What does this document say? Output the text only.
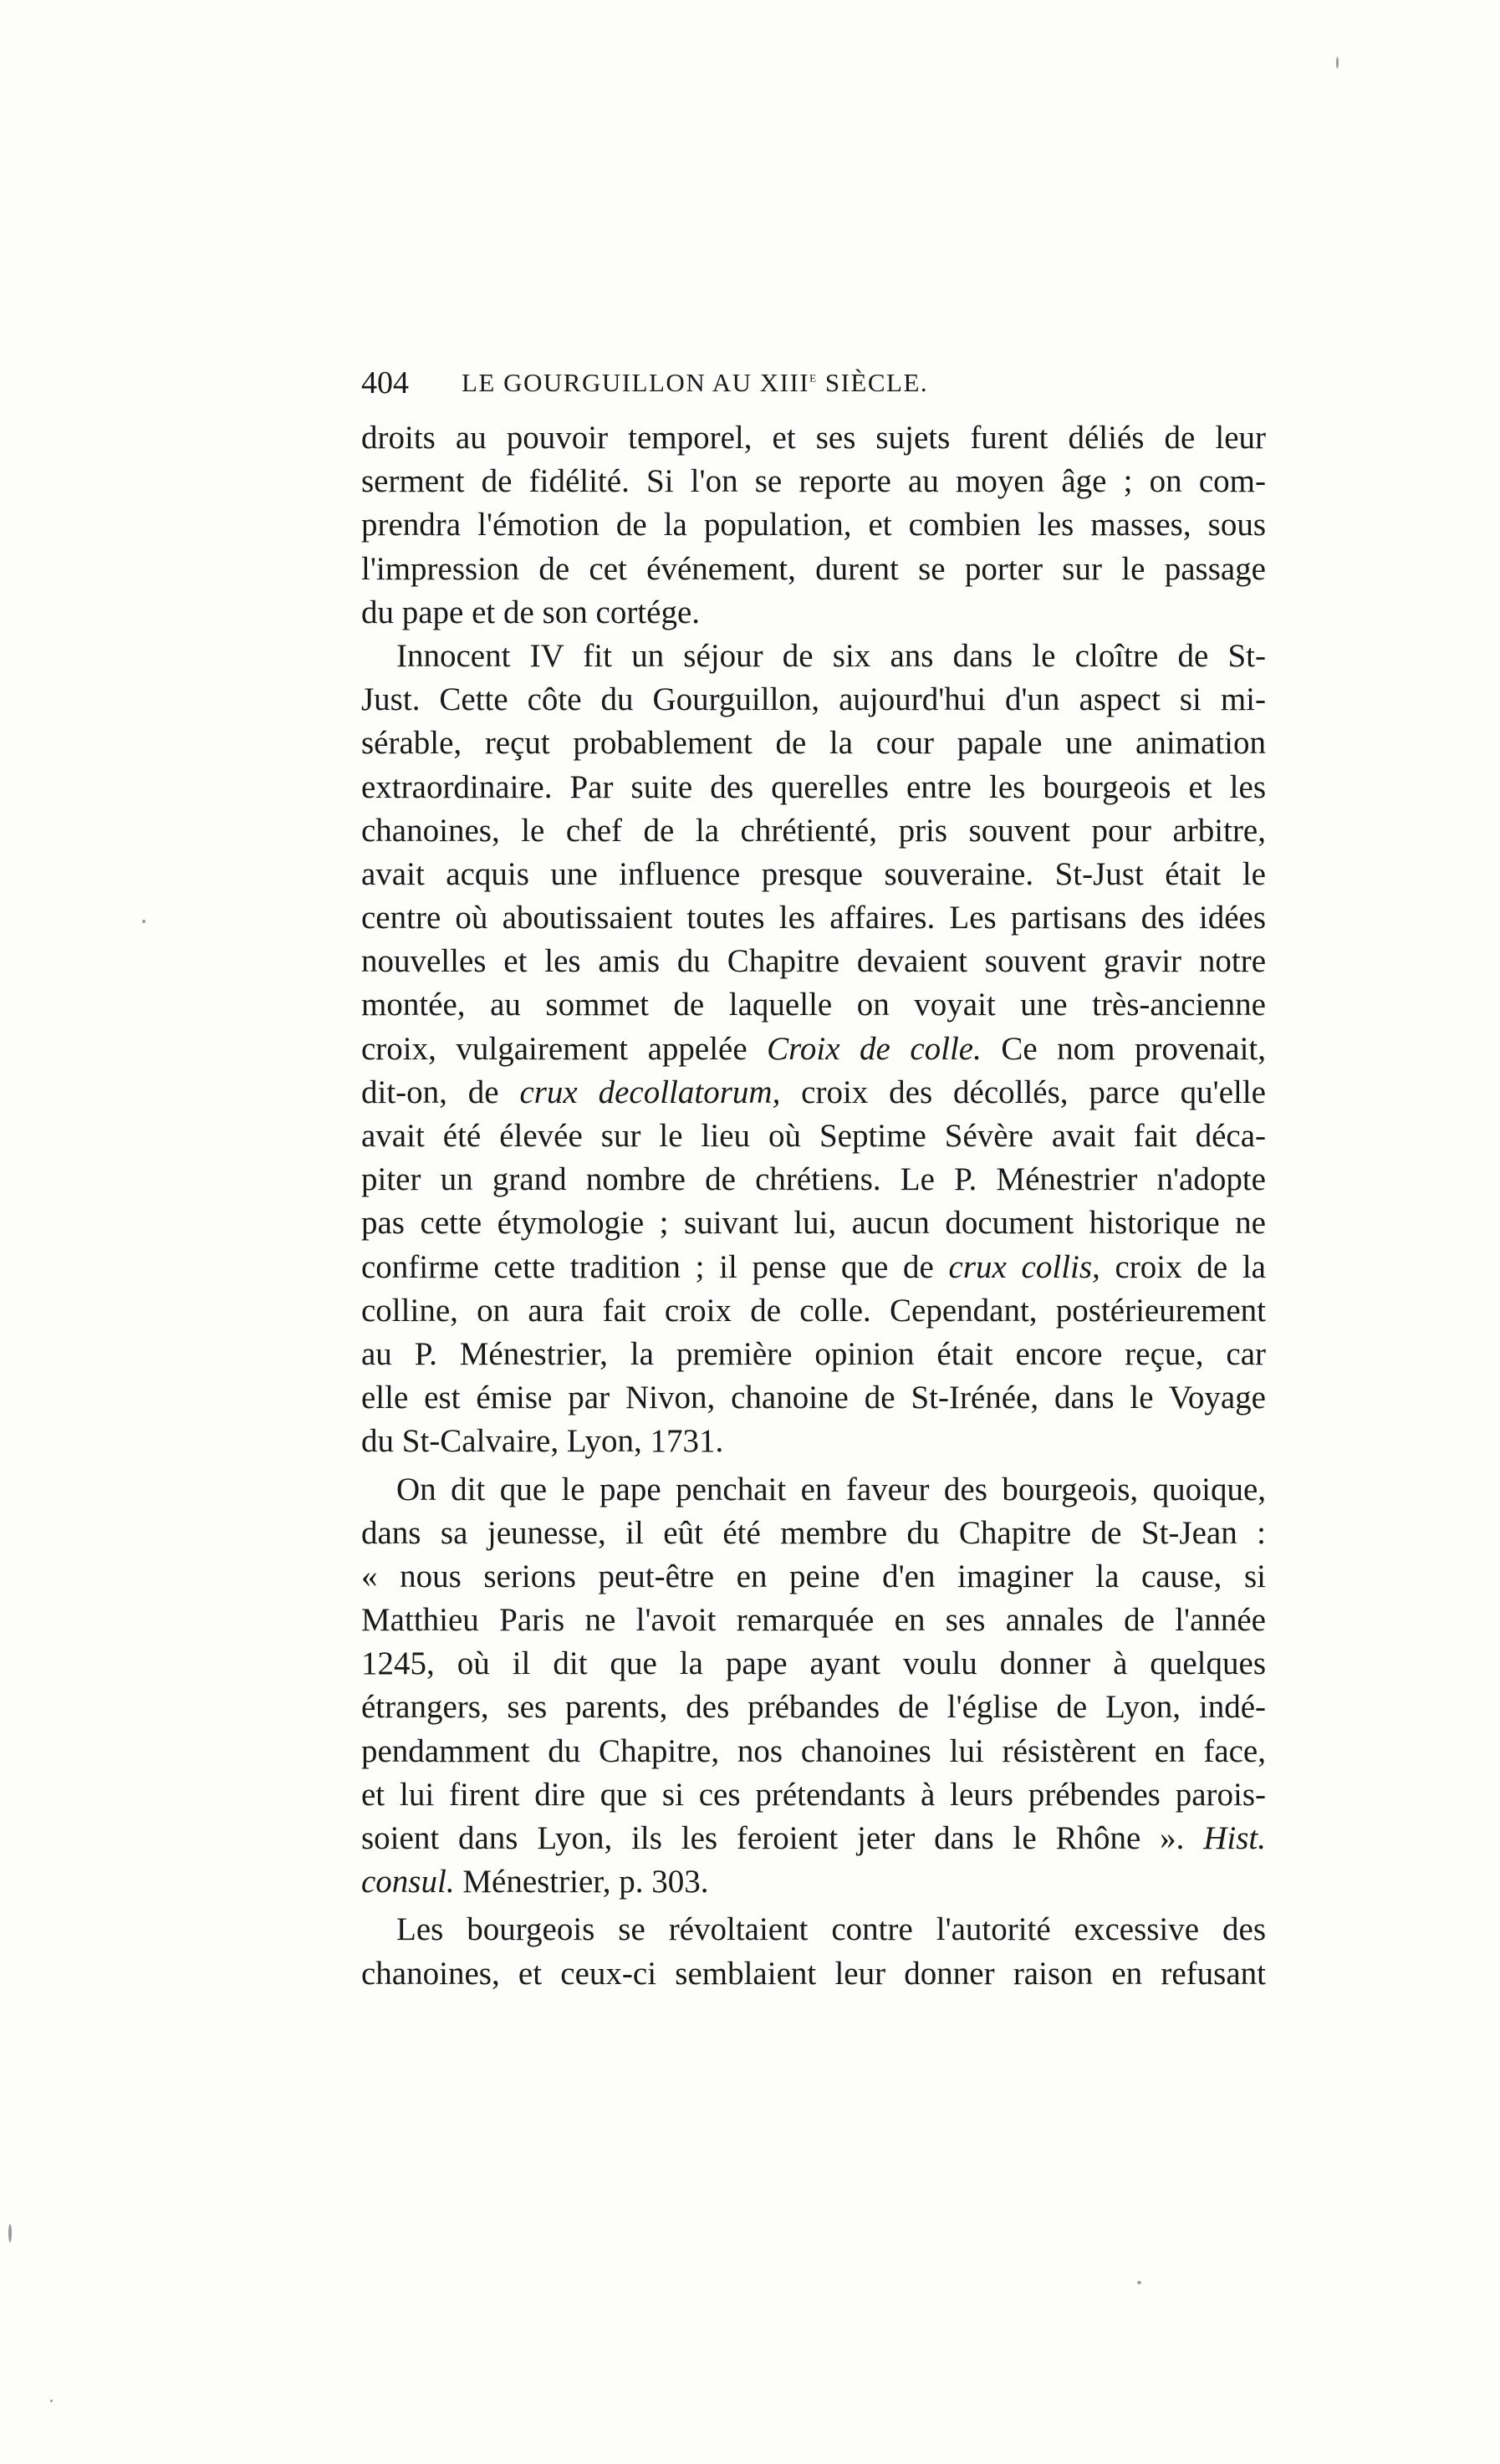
404 LE GOURGUILLON AU XIIIe SIÈCLE.
droits au pouvoir temporel, et ses sujets furent déliés de leur
serment de fidélité. Si l'on se reporte au moyen âge ; on com-
prendra l'émotion de la population, et combien les masses, sous
l'impression de cet événement, durent se porter sur le passage
du pape et de son cortége.
Innocent IV fit un séjour de six ans dans le cloître de St-
Just. Cette côte du Gourguillon, aujourd'hui d'un aspect si mi-
sérable, reçut probablement de la cour papale une animation
extraordinaire. Par suite des querelles entre les bourgeois et les
chanoines, le chef de la chrétienté, pris souvent pour arbitre,
avait acquis une influence presque souveraine. St-Just était le
centre où aboutissaient toutes les affaires. Les partisans des idées
nouvelles et les amis du Chapitre devaient souvent gravir notre
montée, au sommet de laquelle on voyait une très-ancienne
croix, vulgairement appelée Croix de colle. Ce nom provenait,
dit-on, de crux decollatorum, croix des décollés, parce qu'elle
avait été élevée sur le lieu où Septime Sévère avait fait déca-
piter un grand nombre de chrétiens. Le P. Ménestrier n'adopte
pas cette étymologie ; suivant lui, aucun document historique ne
confirme cette tradition ; il pense que de crux collis, croix de la
colline, on aura fait croix de colle. Cependant, postérieurement
au P. Ménestrier, la première opinion était encore reçue, car
elle est émise par Nivon, chanoine de St-Irénée, dans le Voyage
du St-Calvaire, Lyon, 1731.
On dit que le pape penchait en faveur des bourgeois, quoique,
dans sa jeunesse, il eût été membre du Chapitre de St-Jean :
« nous serions peut-être en peine d'en imaginer la cause, si
Matthieu Paris ne l'avoit remarquée en ses annales de l'année
1245, où il dit que la pape ayant voulu donner à quelques
étrangers, ses parents, des prébandes de l'église de Lyon, indé-
pendamment du Chapitre, nos chanoines lui résistèrent en face,
et lui firent dire que si ces prétendants à leurs prébendes parois-
soient dans Lyon, ils les feroient jeter dans le Rhône ». Hist.
consul. Ménestrier, p. 303.
Les bourgeois se révoltaient contre l'autorité excessive des
chanoines, et ceux-ci semblaient leur donner raison en refusant
